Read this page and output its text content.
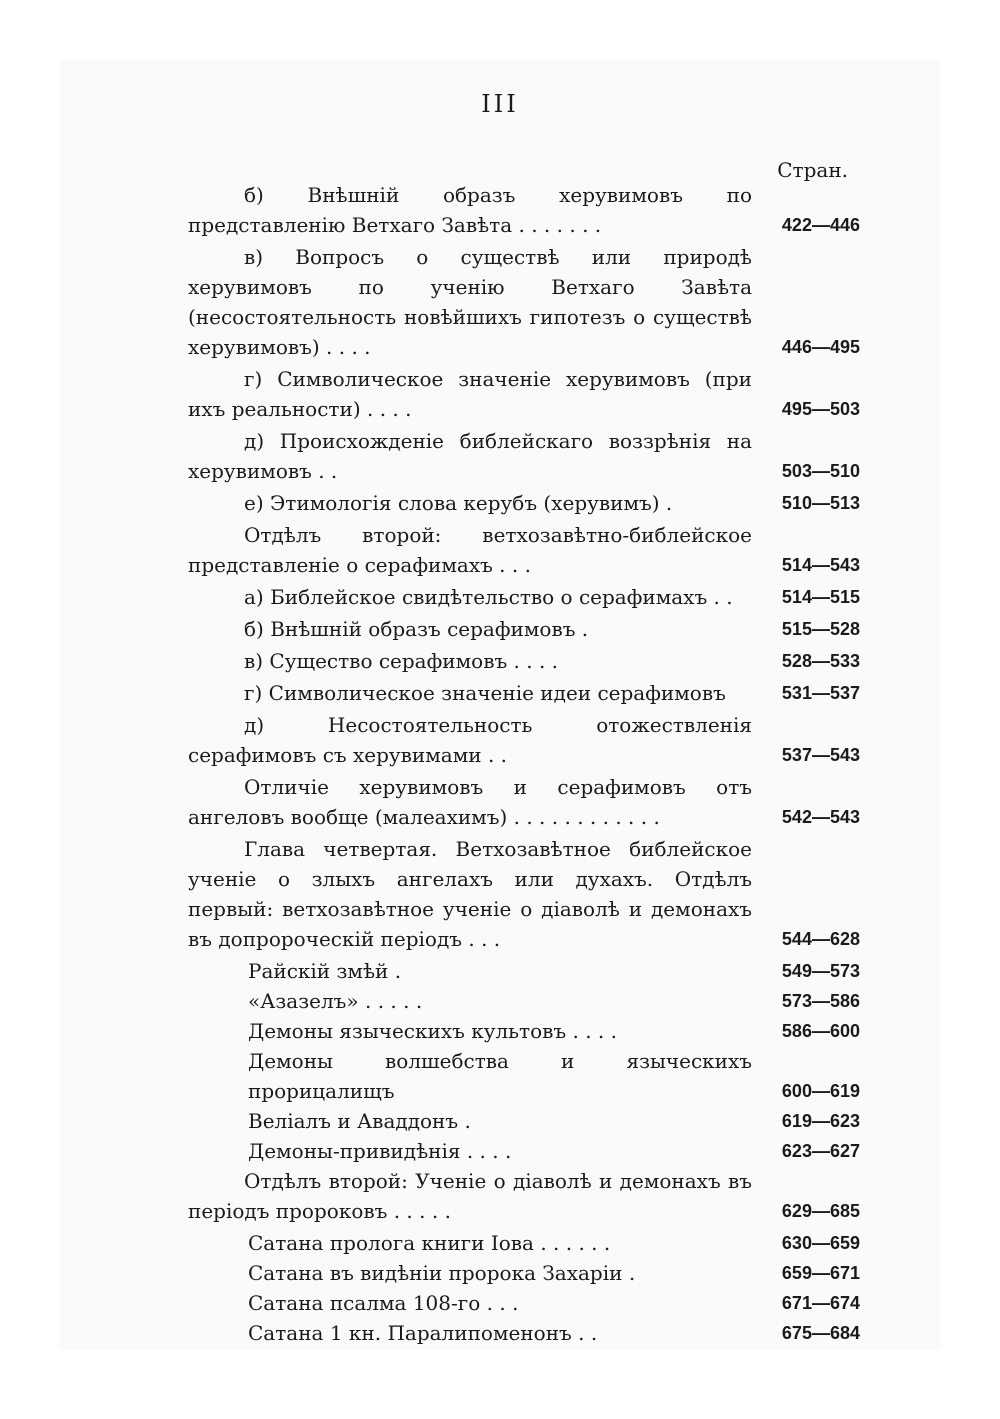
III
Стран.
б) Внѣшній образъ херувимовъ по представленію Ветхаго Завѣта . . . . . . .	422—446
в) Вопросъ о существѣ или природѣ херувимовъ по ученію Ветхаго Завѣта (несостоятельность новѣйшихъ гипотезъ о существѣ херувимовъ) . . . .	446—495
г) Символическое значеніе херувимовъ (при ихъ реальности) . . . .	495—503
д) Происхожденіе библейскаго воззрѣнія на херувимовъ . .	503—510
е) Этимологія слова керубъ (херувимъ) .	510—513
Отдѣлъ второй: ветхозавѣтно-библейское представленіе о серафимахъ . . .	514—543
а) Библейское свидѣтельство о серафимахъ . .	514—515
б) Внѣшній образъ серафимовъ .	515—528
в) Существо серафимовъ . . . .	528—533
г) Символическое значеніе идеи серафимовъ	531—537
д) Несостоятельность отожествленія серафимовъ съ херувимами . .	537—543
Отличіе херувимовъ и серафимовъ отъ ангеловъ вообще (малеахимъ) . . . . . . . . . . . .	542—543
Глава четвертая. Ветхозавѣтное библейское ученіе о злыхъ ангелахъ или духахъ. Отдѣлъ первый: ветхозавѣтное ученіе о діаволѣ и демонахъ въ допророческій періодъ . . .	544—628
Райскій змѣй .	549—573
«Азазелъ» . . . . .	573—586
Демоны языческихъ культовъ . . . .	586—600
Демоны волшебства и языческихъ прорицалищъ	600—619
Веліалъ и Аваддонъ .	619—623
Демоны-привидѣнія . . . .	623—627
Отдѣлъ второй: Ученіе о діаволѣ и демонахъ въ періодъ пророковъ . . . . .	629—685
Сатана пролога книги Іова . . . . . .	630—659
Сатана въ видѣніи пророка Захаріи .	659—671
Сатана псалма 108-го . . .	671—674
Сатана 1 кн. Паралипоменонъ . .	675—684
